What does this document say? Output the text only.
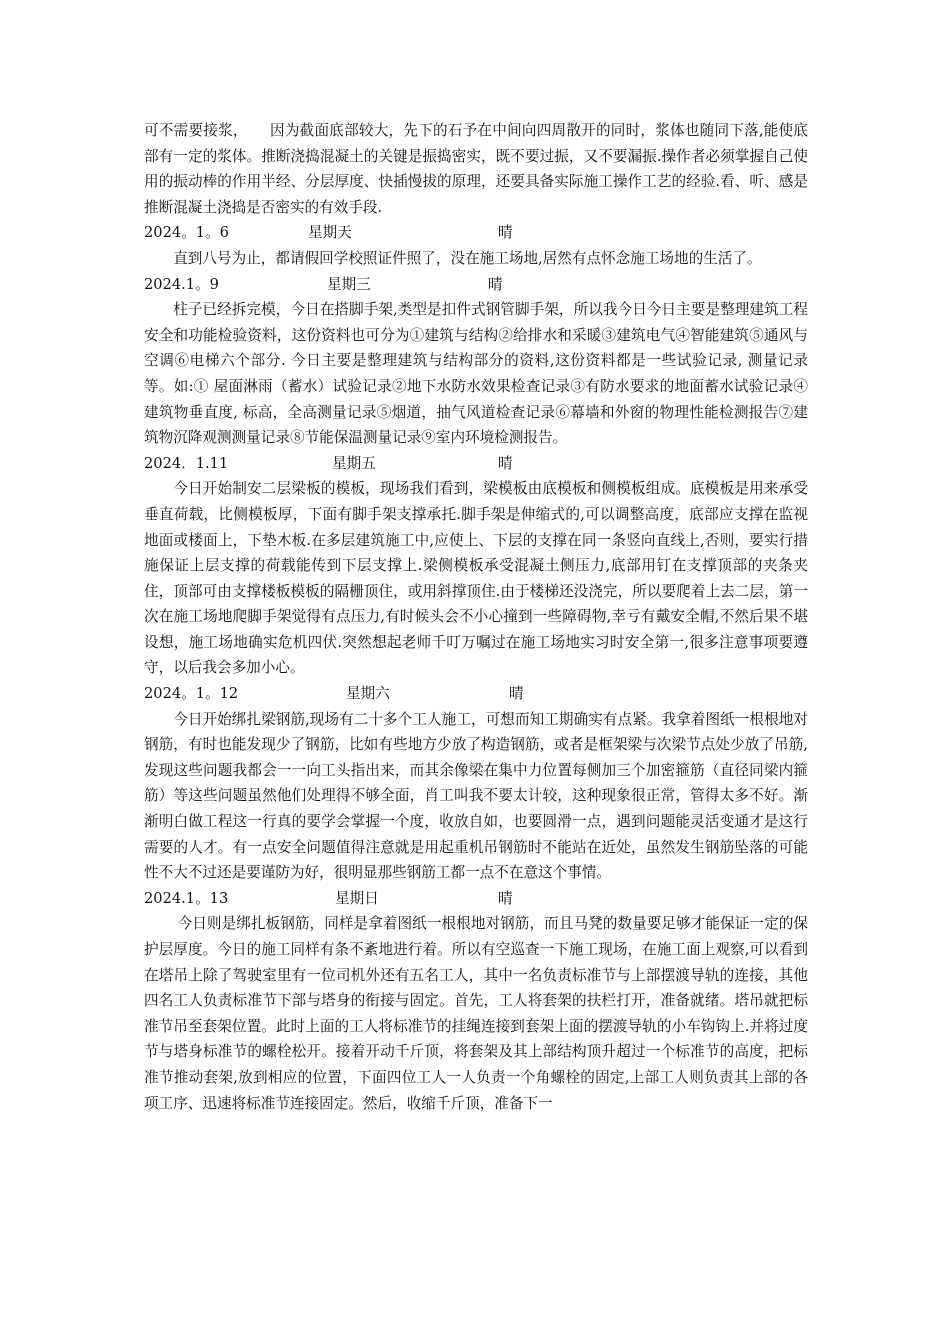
可不需要接浆，　　因为截面底部较大，先下的石予在中间向四周散开的同时，浆体也随同下落,能使底部有一定的浆体。推断浇捣混凝土的关键是振捣密实，既不要过振，又不要漏振.操作者必须掌握自己使用的振动棒的作用半经、分层厚度、快插慢拔的原理，还要具备实际施工操作工艺的经验.看、听、感是推断混凝土浇捣是否密实的有效手段.

2024。1。6	星期天	晴

直到八号为止，都请假回学校照证件照了，没在施工场地,居然有点怀念施工场地的生活了。

2024.1。9	星期三	晴

柱子已经拆完模，今日在搭脚手架,类型是扣件式钢管脚手架，所以我今日今日主要是整理建筑工程安全和功能检验资料，这份资料也可分为①建筑与结构②给排水和采暖③建筑电气④智能建筑⑤通风与空调⑥电梯六个部分. 今日主要是整理建筑与结构部分的资料,这份资料都是一些试验记录, 测量记录等。如:① 屋面淋雨（蓄水）试验记录②地下水防水效果检查记录③有防水要求的地面蓄水试验记录④建筑物垂直度, 标高，全高测量记录⑤烟道，抽气风道检查记录⑥幕墙和外窗的物理性能检测报告⑦建筑物沉降观测测量记录⑧节能保温测量记录⑨室内环境检测报告。

2024．1.11	星期五	晴

今日开始制安二层梁板的模板，现场我们看到，梁模板由底模板和侧模板组成。底模板是用来承受垂直荷载，比侧模板厚，下面有脚手架支撑承托.脚手架是伸缩式的,可以调整高度，底部应支撑在监视地面或楼面上，下垫木板.在多层建筑施工中,应使上、下层的支撑在同一条竖向直线上,否则，要实行措施保证上层支撑的荷载能传到下层支撑上.梁侧模板承受混凝土侧压力,底部用钉在支撑顶部的夹条夹住，顶部可由支撑楼板模板的隔栅顶住，或用斜撑顶住.由于楼梯还没浇完，所以要爬着上去二层，第一次在施工场地爬脚手架觉得有点压力,有时候头会不小心撞到一些障碍物,幸亏有戴安全帽,不然后果不堪设想，施工场地确实危机四伏.突然想起老师千叮万嘱过在施工场地实习时安全第一,很多注意事项要遵守，以后我会多加小心。

2024。1。12	星期六	晴

今日开始绑扎梁钢筋,现场有二十多个工人施工，可想而知工期确实有点紧。我拿着图纸一根根地对钢筋，有时也能发现少了钢筋，比如有些地方少放了构造钢筋，或者是框架梁与次梁节点处少放了吊筋,发现这些问题我都会一一向工头指出来，而其余像梁在集中力位置每侧加三个加密箍筋（直径同梁内箍筋）等这些问题虽然他们处理得不够全面，肖工叫我不要太计较，这种现象很正常，管得太多不好。渐渐明白做工程这一行真的要学会掌握一个度，收放自如，也要圆滑一点，遇到问题能灵活变通才是这行需要的人才。有一点安全问题值得注意就是用起重机吊钢筋时不能站在近处，虽然发生钢筋坠落的可能性不大不过还是要谨防为好，很明显那些钢筋工都一点不在意这个事情。

2024.1。13	星期日	晴

今日则是绑扎板钢筋，同样是拿着图纸一根根地对钢筋，而且马凳的数量要足够才能保证一定的保护层厚度。今日的施工同样有条不紊地进行着。所以有空巡查一下施工现场，在施工面上观察,可以看到在塔吊上除了驾驶室里有一位司机外还有五名工人，其中一名负责标准节与上部摆渡导轨的连接，其他四名工人负责标准节下部与塔身的衔接与固定。首先，工人将套架的扶栏打开，准备就绪。塔吊就把标准节吊至套架位置。此时上面的工人将标准节的挂绳连接到套架上面的摆渡导轨的小车钩钩上.并将过度节与塔身标准节的螺栓松开。接着开动千斤顶，将套架及其上部结构顶升超过一个标准节的高度，把标准节推动套架,放到相应的位置，下面四位工人一人负责一个角螺栓的固定,上部工人则负责其上部的各项工序、迅速将标准节连接固定。然后，收缩千斤顶，准备下一
